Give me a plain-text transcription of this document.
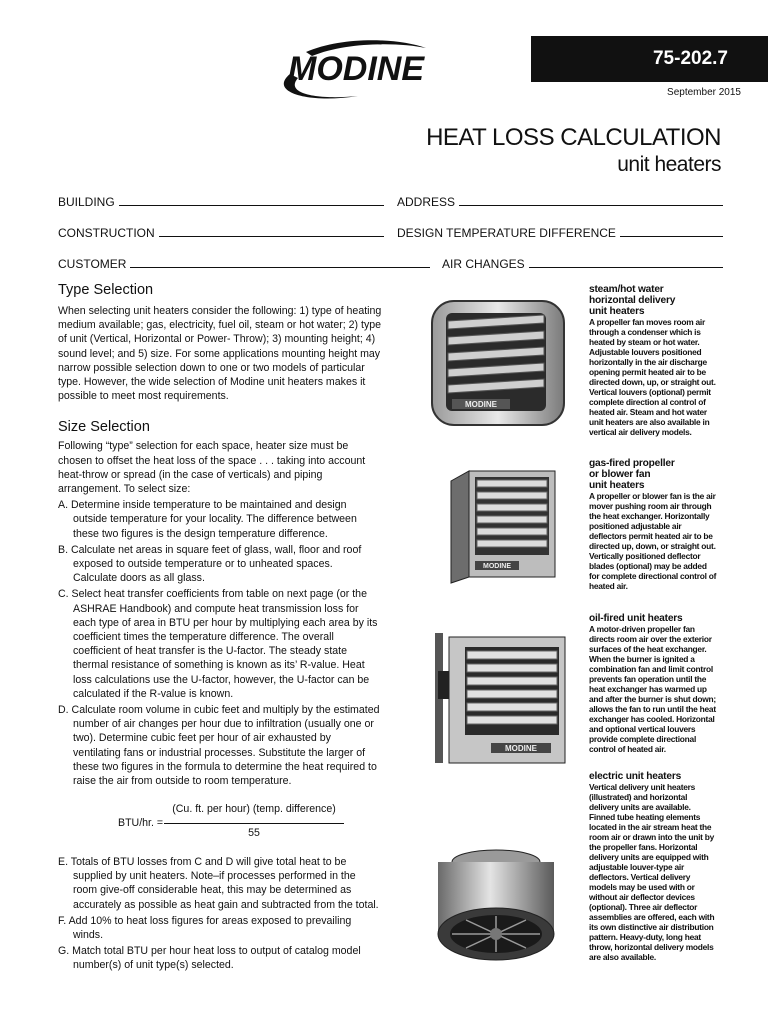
MODINE	75-202.7
September 2015
HEAT LOSS CALCULATION
unit heaters
BUILDING	ADDRESS
CONSTRUCTION	DESIGN TEMPERATURE DIFFERENCE
CUSTOMER	AIR CHANGES
Type Selection
When selecting unit heaters consider the following: 1) type of heating
medium available; gas, electricity, fuel oil, steam or hot water; 2) type
of unit (Vertical, Horizontal or Power- Throw); 3) mounting height; 4)
sound level; and 5) size. For some applications mounting height may
narrow possible selection down to one or two models of particular
type. However, the wide selection of Modine unit heaters makes it
possible to meet most requirements.
Size Selection
Following “type” selection for each space, heater size must be
chosen to offset the heat loss of the space . . . taking into account
heat-throw or spread (in the case of verticals) and piping
arrangement. To select size:
A. Determine inside temperature to be maintained and design
outside temperature for your locality. The difference between
these two figures is the design temperature difference.
B. Calculate net areas in square feet of glass, wall, floor and roof
exposed to outside temperature or to unheated spaces.
Calculate doors as all glass.
C. Select heat transfer coefficients from table on next page (or the
ASHRAE Handbook) and compute heat transmission loss for
each type of area in BTU per hour by multiplying each area by its
coefficient times the temperature difference. The overall
coefficient of heat transfer is the U-factor. The steady state
thermal resistance of something is known as its’ R-value. Heat
loss calculations use the U-factor, however, the U-factor can be
calculated if the R-value is known.
D. Calculate room volume in cubic feet and multiply by the estimated
number of air changes per hour due to infiltration (usually one or
two). Determine cubic feet per hour of air exhausted by
ventilating fans or industrial processes. Substitute the larger of
these two figures in the formula to determine the heat required to
raise the air from outside to room temperature.
BTU/hr. =
(Cu. ft. per hour) (temp. difference)
55
E. Totals of BTU losses from C and D will give total heat to be
supplied by unit heaters. Note–if processes performed in the
room give-off considerable heat, this may be determined as
accurately as possible as heat gain and subtracted from the total.
F. Add 10% to heat loss figures for areas exposed to prevailing
winds.
G. Match total BTU per hour heat loss to output of catalog model
number(s) of unit type(s) selected.
MODINE
MODINE
MODINE
steam/hot water
horizontal delivery
unit heaters
A propeller fan moves room air
through a condenser which is
heated by steam or hot water.
Adjustable louvers positioned
horizontally in the air discharge
opening permit heated air to be
directed down, up, or straight out.
Vertical louvers (optional) permit
complete direction al control of
heated air. Steam and hot water
unit heaters are also available in
vertical air delivery models.
gas-fired propeller
or blower fan
unit heaters
A propeller or blower fan is the air
mover pushing room air through
the heat exchanger. Horizontally
positioned adjustable air
deflectors permit heated air to be
directed up, down, or straight out.
Vertically positioned deflector
blades (optional) may be added
for complete directional control of
heated air.
oil-fired unit heaters
A motor-driven propeller fan
directs room air over the exterior
surfaces of the heat exchanger.
When the burner is ignited a
combination fan and limit control
prevents fan operation until the
heat exchanger has warmed up
and after the burner is shut down;
allows the fan to run until the heat
exchanger has cooled. Horizontal
and optional vertical louvers
provide complete directional
control of heated air.
electric unit heaters
Vertical delivery unit heaters
(illustrated) and horizontal
delivery units are available.
Finned tube heating elements
located in the air stream heat the
room air or drawn into the unit by
the propeller fans. Horizontal
delivery units are equipped with
adjustable louver-type air
deflectors. Vertical delivery
models may be used with or
without air deflector devices
(optional). Three air deflector
assemblies are offered, each with
its own distinctive air distribution
pattern. Heavy-duty, long heat
throw, horizontal delivery models
are also available.
